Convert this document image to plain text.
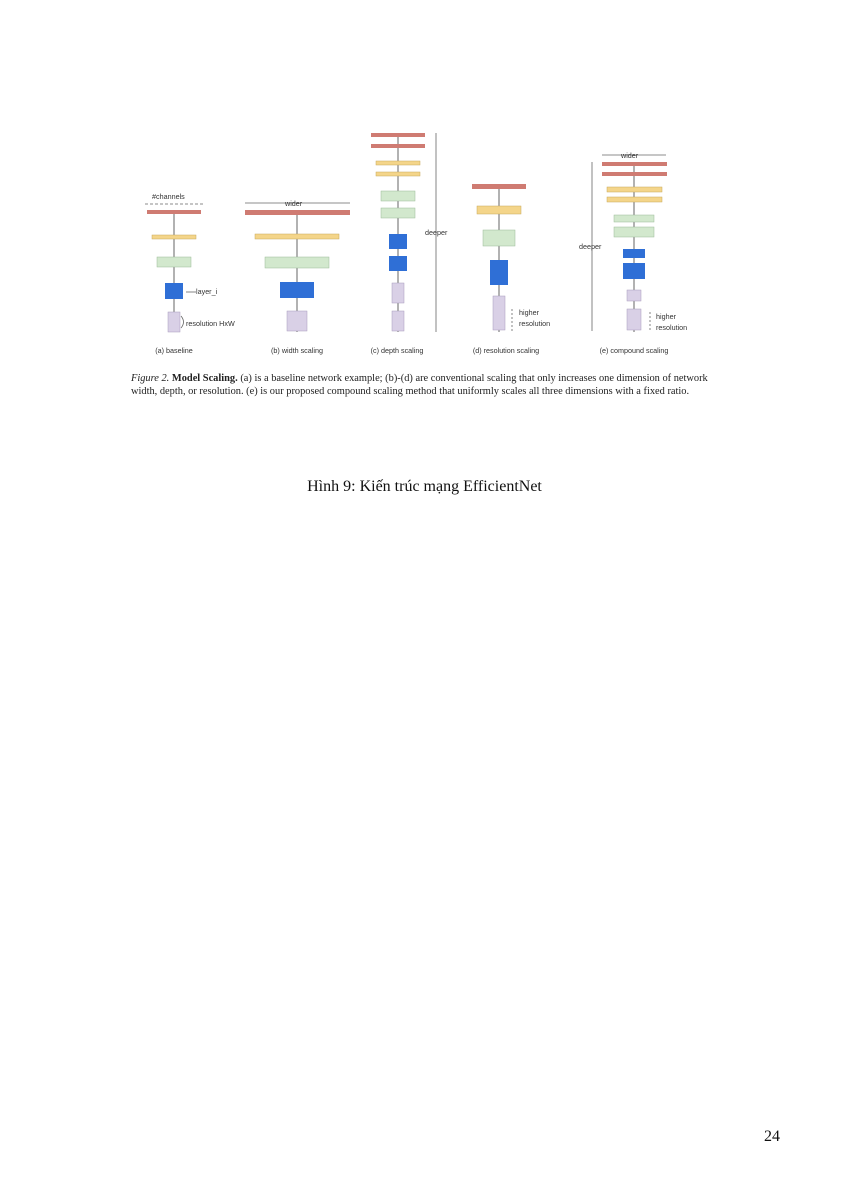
#channels
wider
deeper
layer_i
resolution HxW
higher
resolution
wider
deeper
higher
resolution
(a) baseline	(b) width scaling	(c) depth scaling	(d) resolution scaling	(e) compound scaling
Figure 2. Model Scaling. (a) is a baseline network example; (b)-(d) are conventional scaling that only increases one dimension of network width, depth, or resolution. (e) is our proposed compound scaling method that uniformly scales all three dimensions with a fixed ratio.
Hình 9: Kiến trúc mạng EfficientNet
24
